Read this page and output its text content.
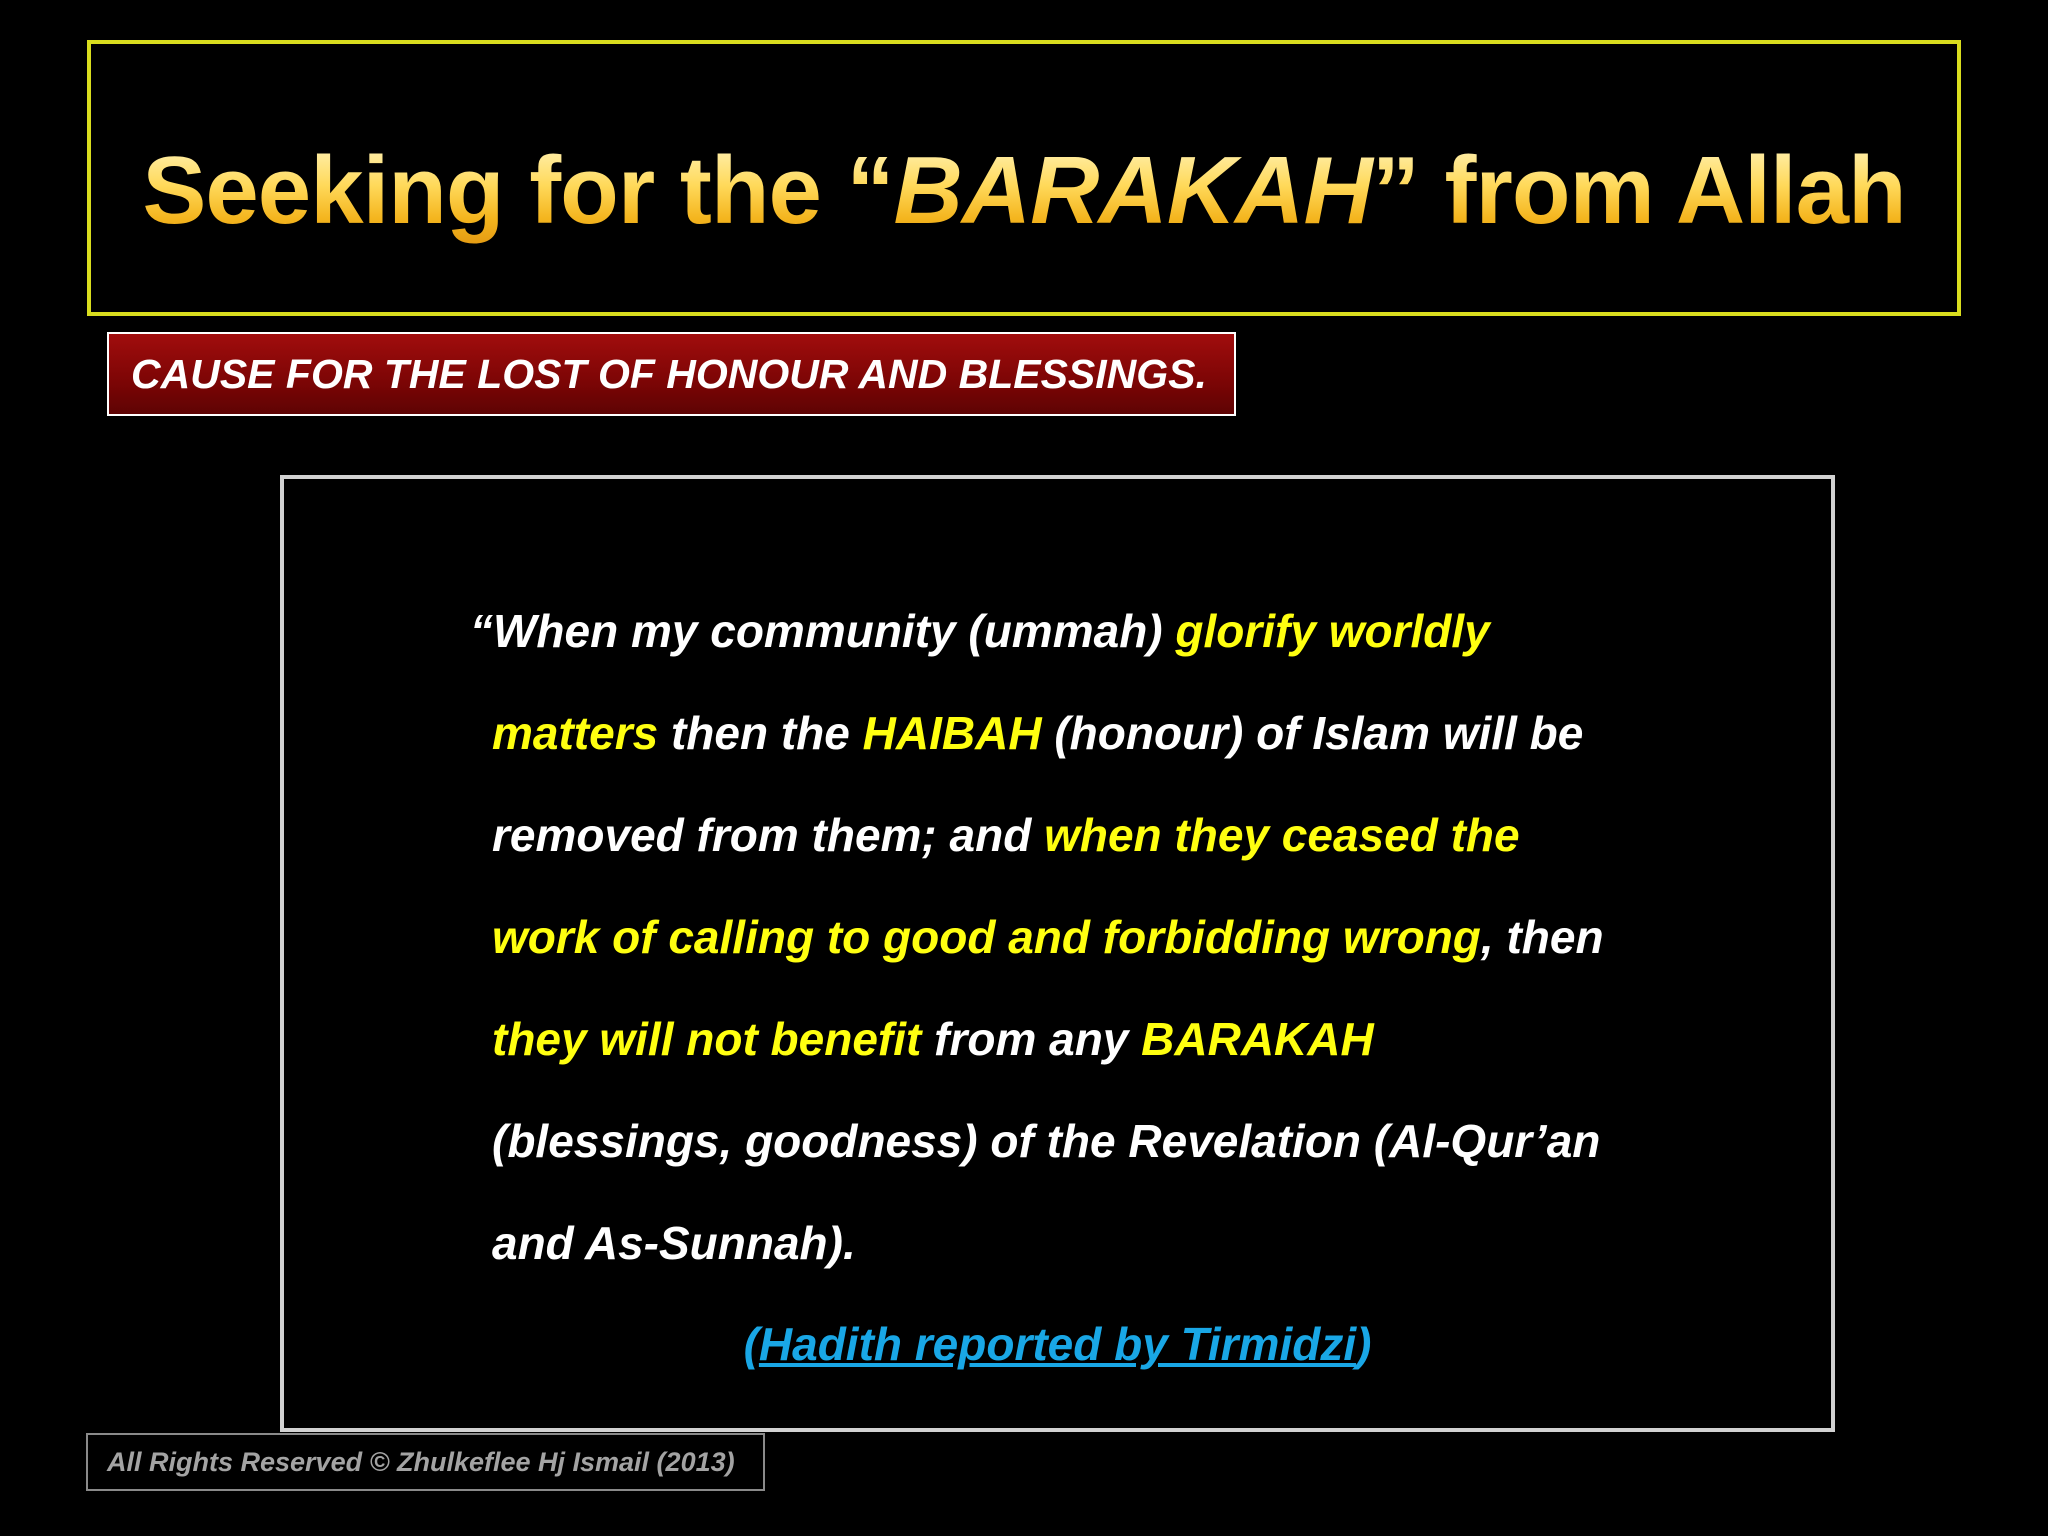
Seeking for the “BARAKAH” from Allah
CAUSE FOR THE LOST OF HONOUR AND BLESSINGS.
“When my community (ummah) glorify worldly
matters then the HAIBAH (honour) of Islam will be
removed from them; and when they ceased the
work of calling to good and forbidding wrong, then
they will not benefit from any BARAKAH
(blessings, goodness) of the Revelation (Al-Qur’an
and As-Sunnah).
(Hadith reported by Tirmidzi)
All Rights Reserved © Zhulkeflee Hj Ismail (2013)
